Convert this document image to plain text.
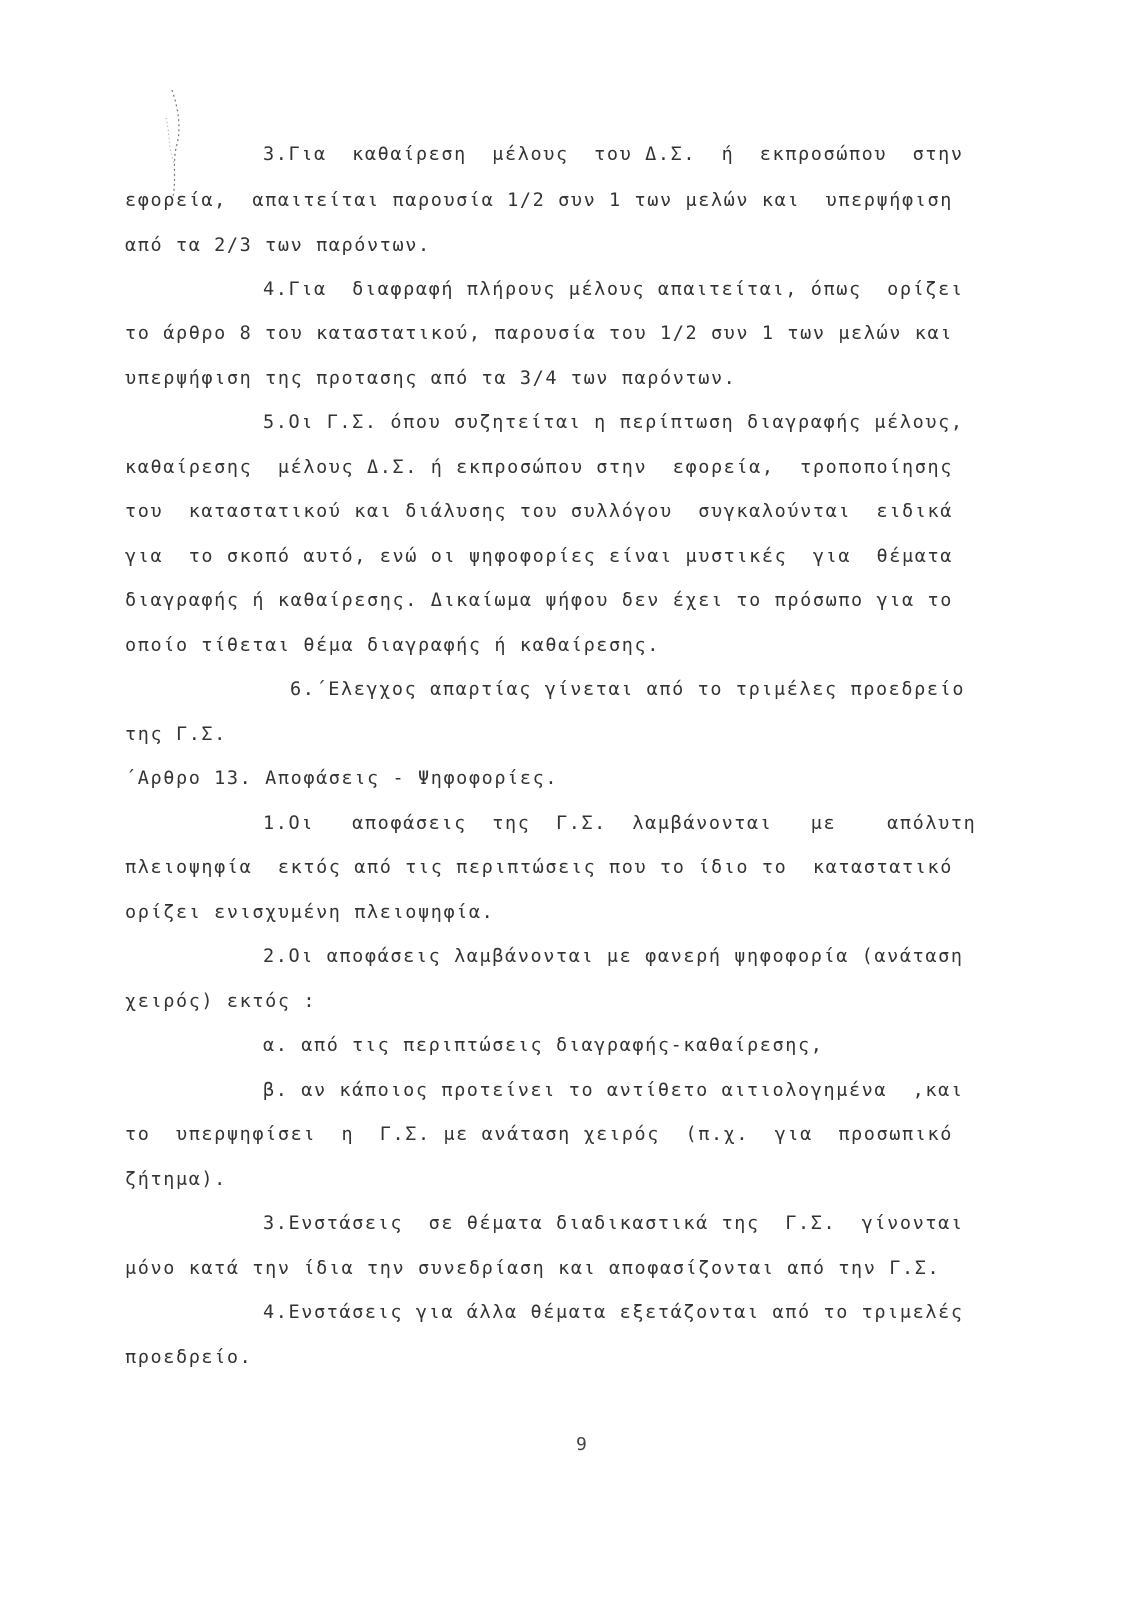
3.Για  καθαίρεση  μέλους  του Δ.Σ.  ή  εκπροσώπου  στην
εφορεία,  απαιτείται παρουσία 1/2 συν 1 των μελών και  υπερψήφιση
από τα 2/3 των παρόντων.
4.Για  διαφραφή πλήρους μέλους απαιτείται, όπως  ορίζει
το άρθρο 8 του καταστατικού, παρουσία του 1/2 συν 1 των μελών και
υπερψήφιση της προτασης από τα 3/4 των παρόντων.
5.Οι Γ.Σ. όπου συζητείται η περίπτωση διαγραφής μέλους,
καθαίρεσης  μέλους Δ.Σ. ή εκπροσώπου στην  εφορεία,  τροποποίησης
του  καταστατικού και διάλυσης του συλλόγου  συγκαλούνται  ειδικά
για  το σκοπό αυτό, ενώ οι ψηφοφορίες είναι μυστικές  για  θέματα
διαγραφής ή καθαίρεσης. Δικαίωμα ψήφου δεν έχει το πρόσωπο για το
οποίο τίθεται θέμα διαγραφής ή καθαίρεσης.
6.΄Ελεγχος απαρτίας γίνεται από το τριμέλες προεδρείο
της Γ.Σ.
΄Αρθρο 13. Αποφάσεις - Ψηφοφορίες.
1.Οι   αποφάσεις  της  Γ.Σ.  λαμβάνονται   με    απόλυτη
πλειοψηφία  εκτός από τις περιπτώσεις που το ίδιο το  καταστατικό
ορίζει ενισχυμένη πλειοψηφία.
2.Οι αποφάσεις λαμβάνονται με φανερή ψηφοφορία (ανάταση
χειρός) εκτός :
α. από τις περιπτώσεις διαγραφής-καθαίρεσης,
β. αν κάποιος προτείνει το αντίθετο αιτιολογημένα  ,και
το  υπερψηφίσει  η  Γ.Σ. με ανάταση χειρός  (π.χ.  για  προσωπικό
ζήτημα).
3.Ενστάσεις  σε θέματα διαδικαστικά της  Γ.Σ.  γίνονται
μόνο κατά την ίδια την συνεδρίαση και αποφασίζονται από την Γ.Σ.
4.Ενστάσεις για άλλα θέματα εξετάζονται από το τριμελές
προεδρείο.
9
